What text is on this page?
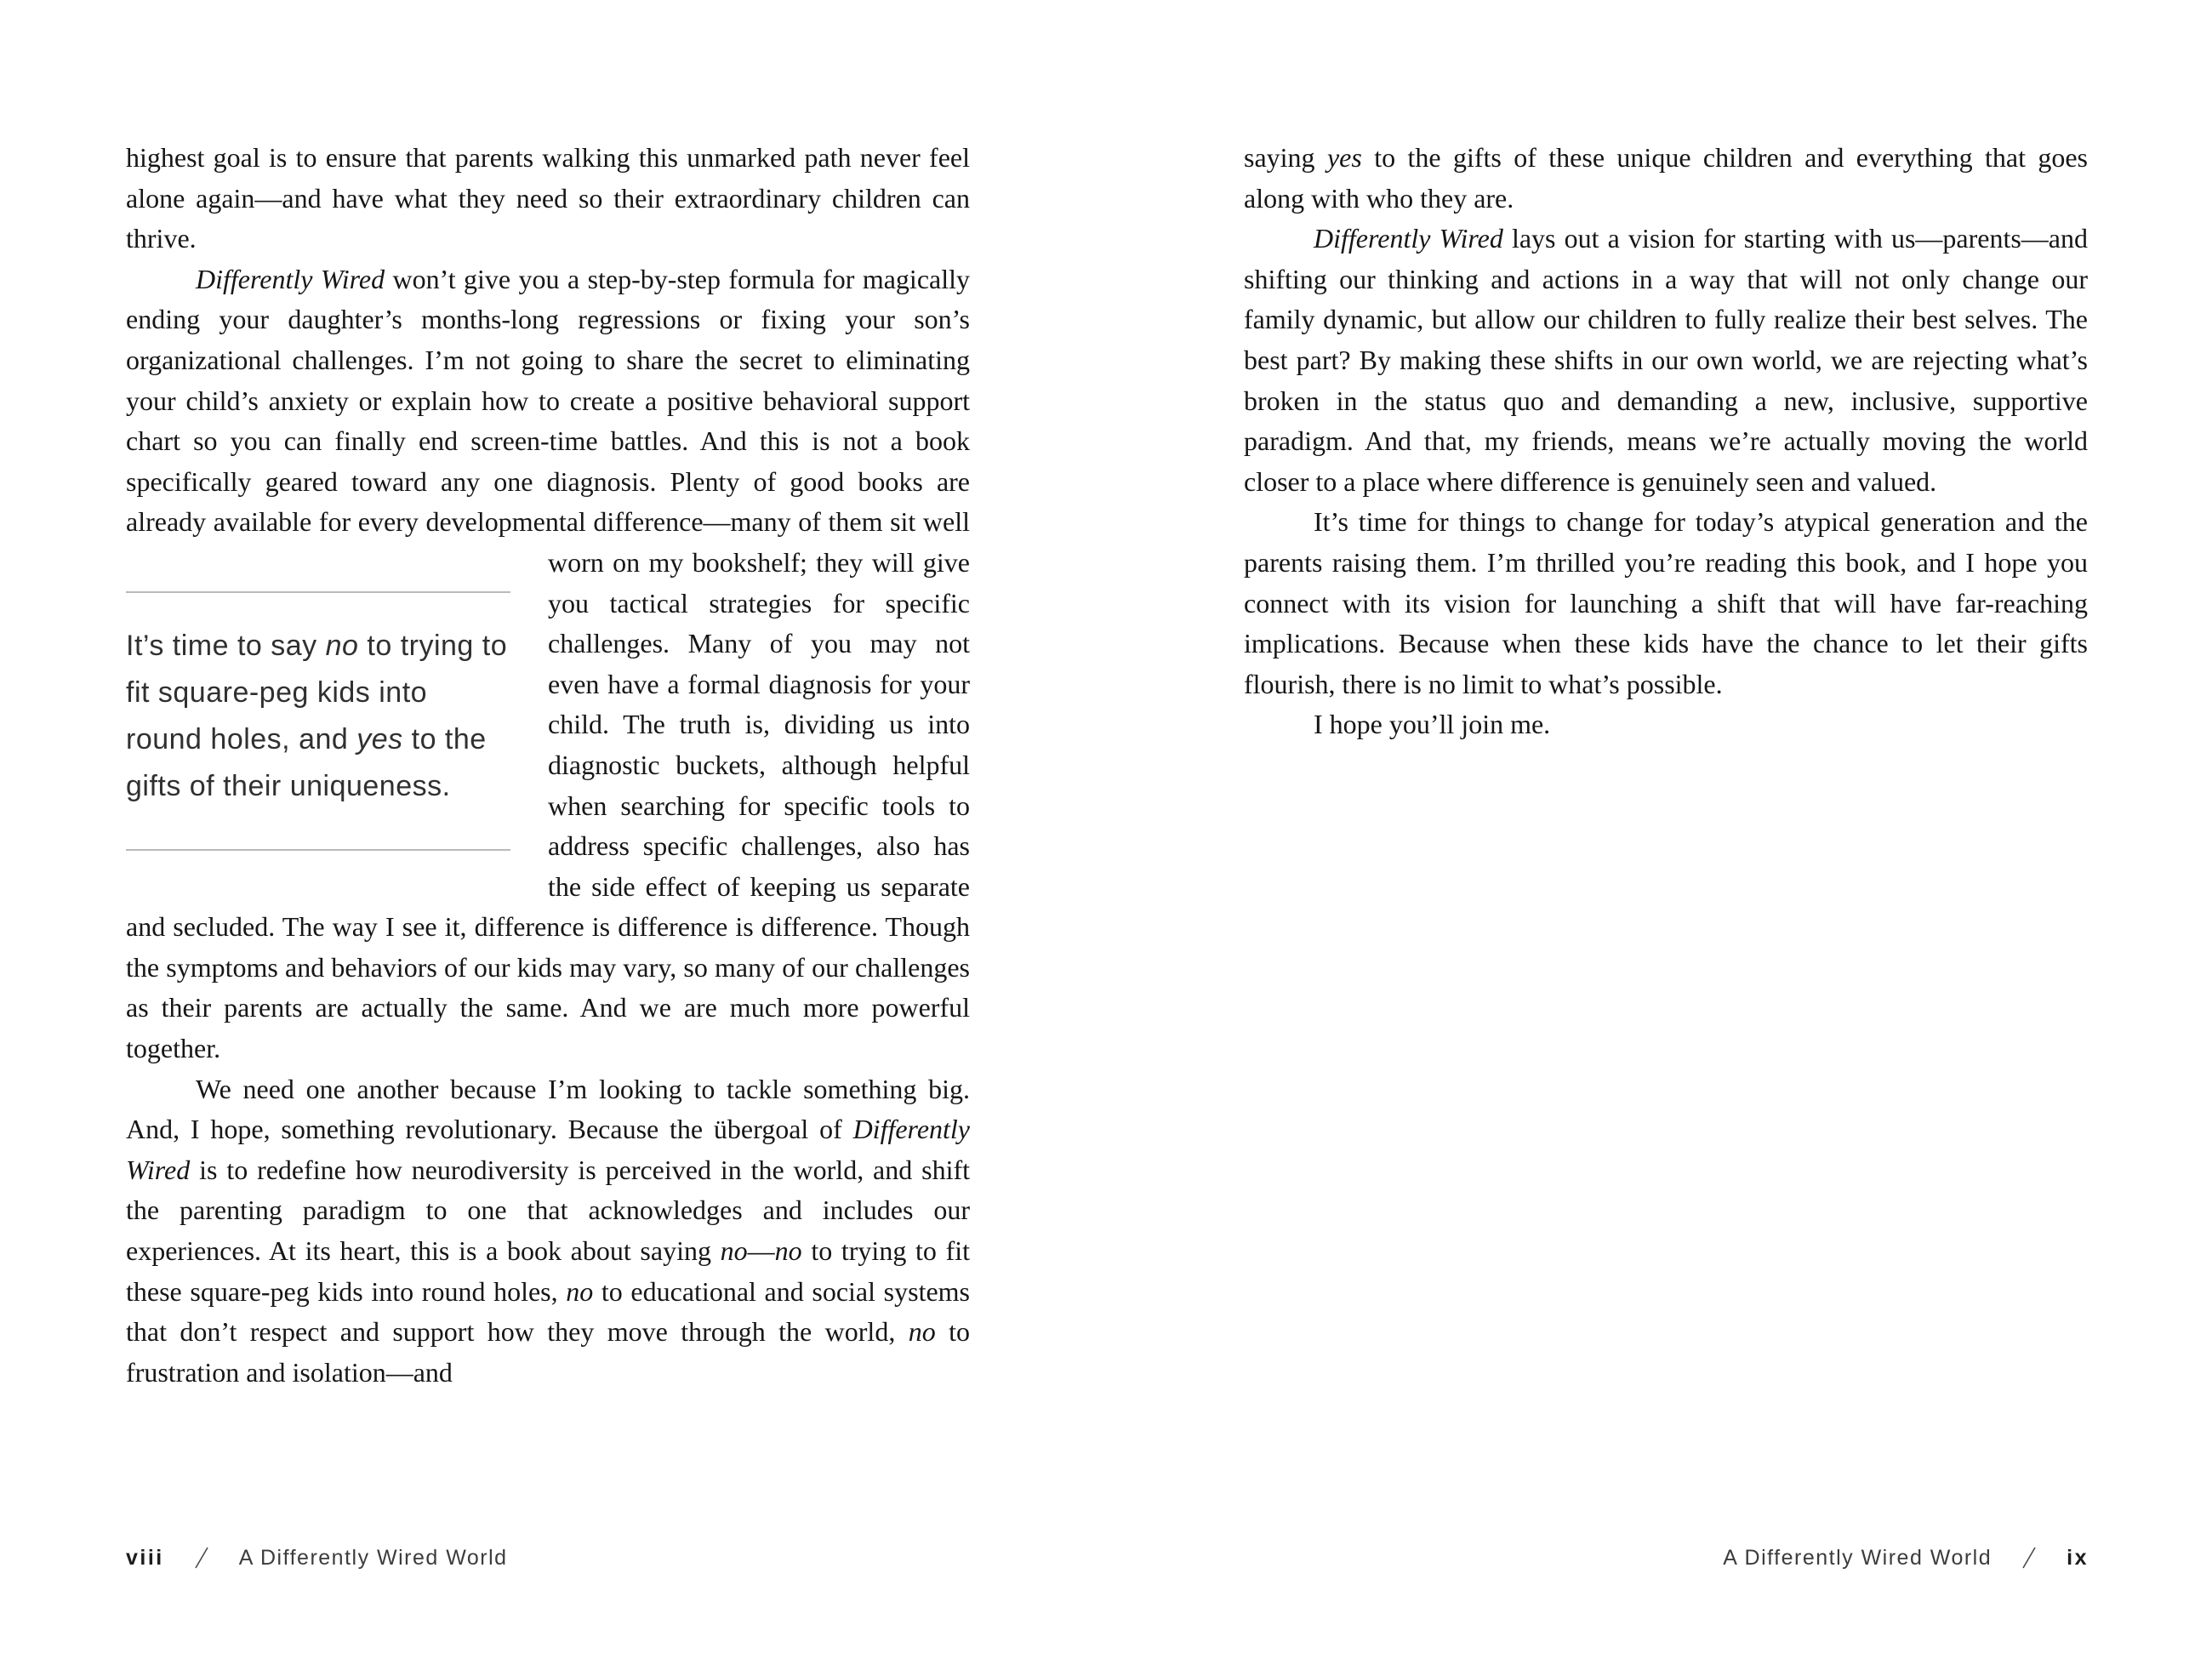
highest goal is to ensure that parents walking this unmarked path never feel alone again—and have what they need so their extraordinary children can thrive.

Differently Wired won’t give you a step-by-step formula for magically ending your daughter’s months-long regressions or fixing your son’s organizational challenges. I’m not going to share the secret to eliminating your child’s anxiety or explain how to create a positive behavioral support chart so you can finally end screen-time battles. And this is not a book specifically geared toward any one diagnosis. Plenty of good books are already available for every developmental
It’s time to say no to trying to fit square-peg kids into round holes, and yes to the gifts of their uniqueness.
difference—many of them sit well worn on my bookshelf; they will give you tactical strategies for specific challenges. Many of you may not even have a formal diagnosis for your child. The truth is, dividing us into diagnostic buckets, although helpful when searching for specific tools to address specific challenges, also has the side effect of keeping us separate and secluded. The way I see it, difference is difference is difference. Though the symptoms and behaviors of our kids may vary, so many of our challenges as their parents are actually the same. And we are much more powerful together.

We need one another because I’m looking to tackle something big. And, I hope, something revolutionary. Because the übergoal of Differently Wired is to redefine how neurodiversity is perceived in the world, and shift the parenting paradigm to one that acknowledges and includes our experiences. At its heart, this is a book about saying no—no to trying to fit these square-peg kids into round holes, no to educational and social systems that don’t respect and support how they move through the world, no to frustration and isolation—and

saying yes to the gifts of these unique children and everything that goes along with who they are.

Differently Wired lays out a vision for starting with us—parents—and shifting our thinking and actions in a way that will not only change our family dynamic, but allow our children to fully realize their best selves. The best part? By making these shifts in our own world, we are rejecting what’s broken in the status quo and demanding a new, inclusive, supportive paradigm. And that, my friends, means we’re actually moving the world closer to a place where difference is genuinely seen and valued.

It’s time for things to change for today’s atypical generation and the parents raising them. I’m thrilled you’re reading this book, and I hope you connect with its vision for launching a shift that will have far-reaching implications. Because when these kids have the chance to let their gifts flourish, there is no limit to what’s possible.

I hope you’ll join me.

viii	A Differently Wired World	A Differently Wired World	ix
